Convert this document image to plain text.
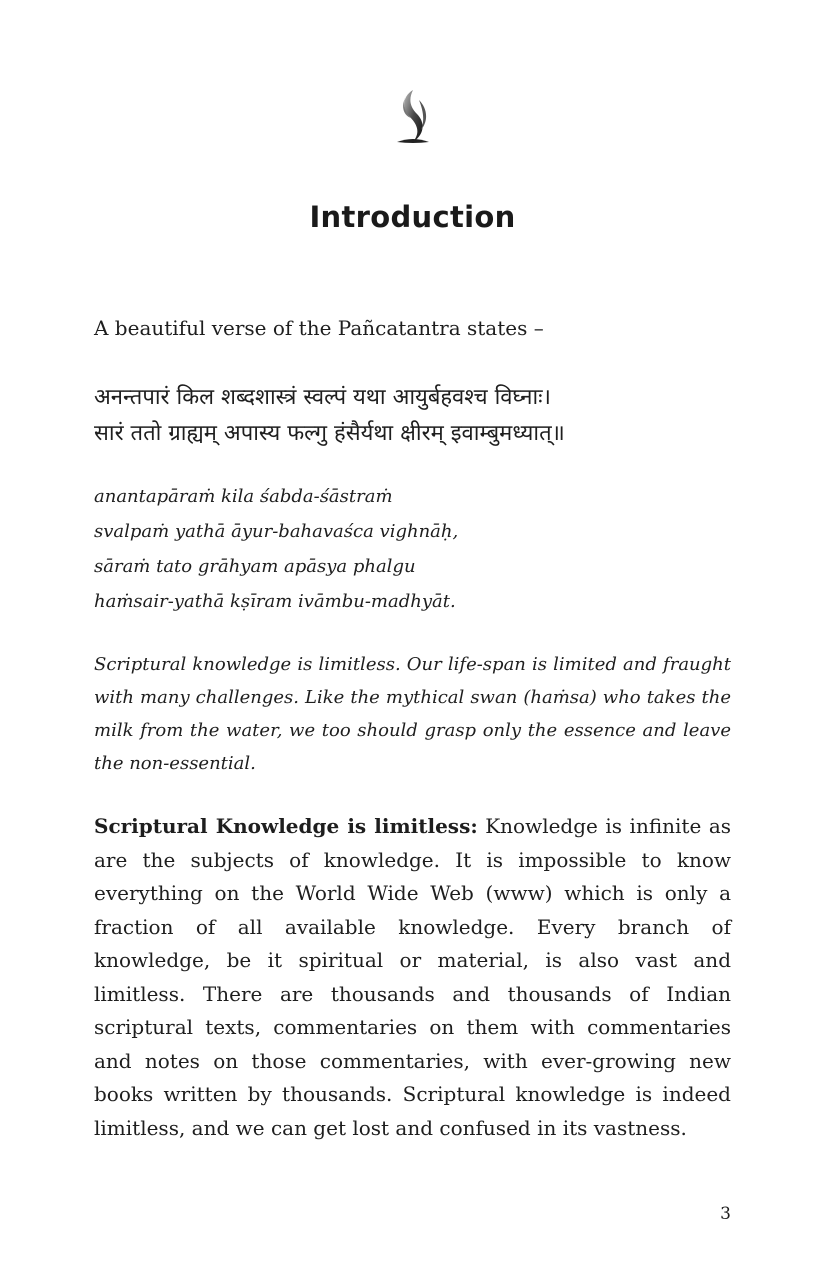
Introduction
A beautiful verse of the Pañcatantra states –
अनन्तपारं किल शब्दशास्त्रं स्वल्पं यथा आयुर्बहवश्च विघ्नाः।
सारं ततो ग्राह्यम् अपास्य फल्गु हंसैर्यथा क्षीरम् इवाम्बुमध्यात्॥
anantapāraṁ kila śabda-śāstraṁ
svalpaṁ yathā āyur-bahavaśca vighnāḥ,
sāraṁ tato grāhyam apāsya phalgu
haṁsair-yathā kṣīram ivāmbu-madhyāt.
Scriptural knowledge is limitless. Our life-span is limited and fraught with many challenges. Like the mythical swan (haṁsa) who takes the milk from the water, we too should grasp only the essence and leave the non-essential.
Scriptural Knowledge is limitless: Knowledge is infinite as are the subjects of knowledge. It is impossible to know everything on the World Wide Web (www) which is only a fraction of all available knowledge. Every branch of knowledge, be it spiritual or material, is also vast and limitless. There are thousands and thousands of Indian scriptural texts, commentaries on them with commentaries and notes on those commentaries, with ever-growing new books written by thousands. Scriptural knowledge is indeed limitless, and we can get lost and confused in its vastness.
3
